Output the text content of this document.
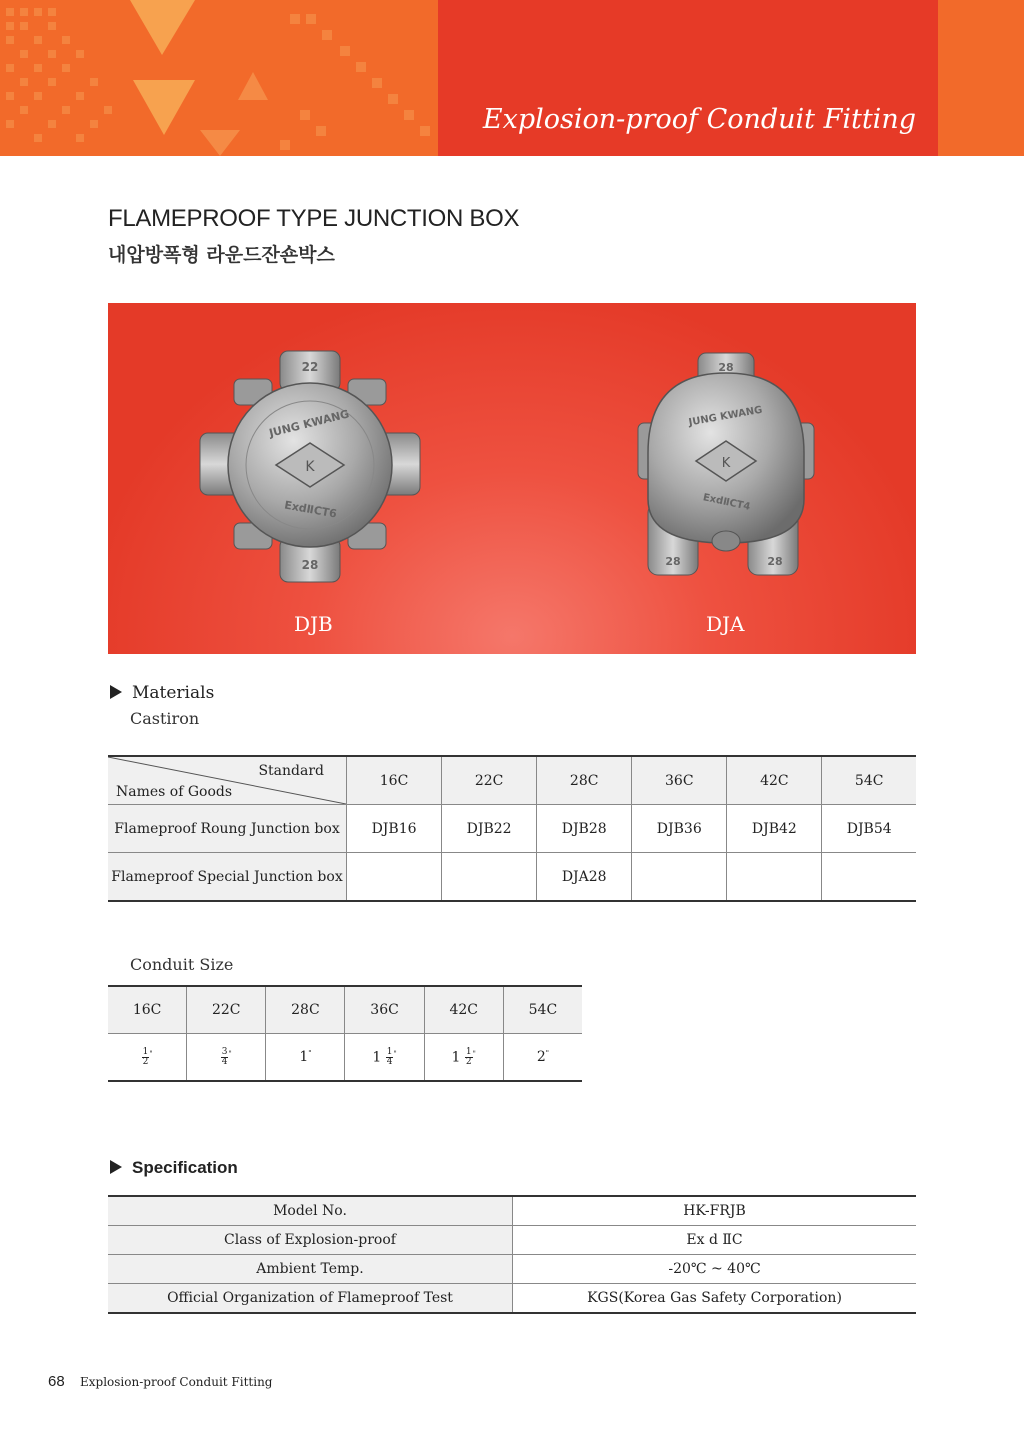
Explosion-proof Conduit Fitting
FLAMEPROOF TYPE JUNCTION BOX
내압방폭형 라운드잔숀박스
K
22
28
JUNG KWANG
ExdⅡCT6
K
28
28	28
JUNG KWANG
ExdⅡCT4
DJB	DJA
Materials
Castiron
Standard
Names of Goods	16C	22C	28C	36C	42C	54C
Flameproof Roung Junction box	DJB16	DJB22	DJB28	DJB36	DJB42	DJB54
Flameproof Special Junction box			DJA28			
Conduit Size
16C	22C	28C	36C	42C	54C

$\frac{1}{2} ^"$	$\frac{3}{4} ^"$	1"	$1 \frac{1}{4} ^"$	$1 \frac{1}{2} ^"$	2"
Specification
Model No.	HK-FRJB
Class of Explosion-proof	Ex d ⅡC
Ambient Temp.	-20℃ ~ 40℃
Official Organization of Flameproof Test	KGS(Korea Gas Safety Corporation)
68 Explosion-proof Conduit Fitting
